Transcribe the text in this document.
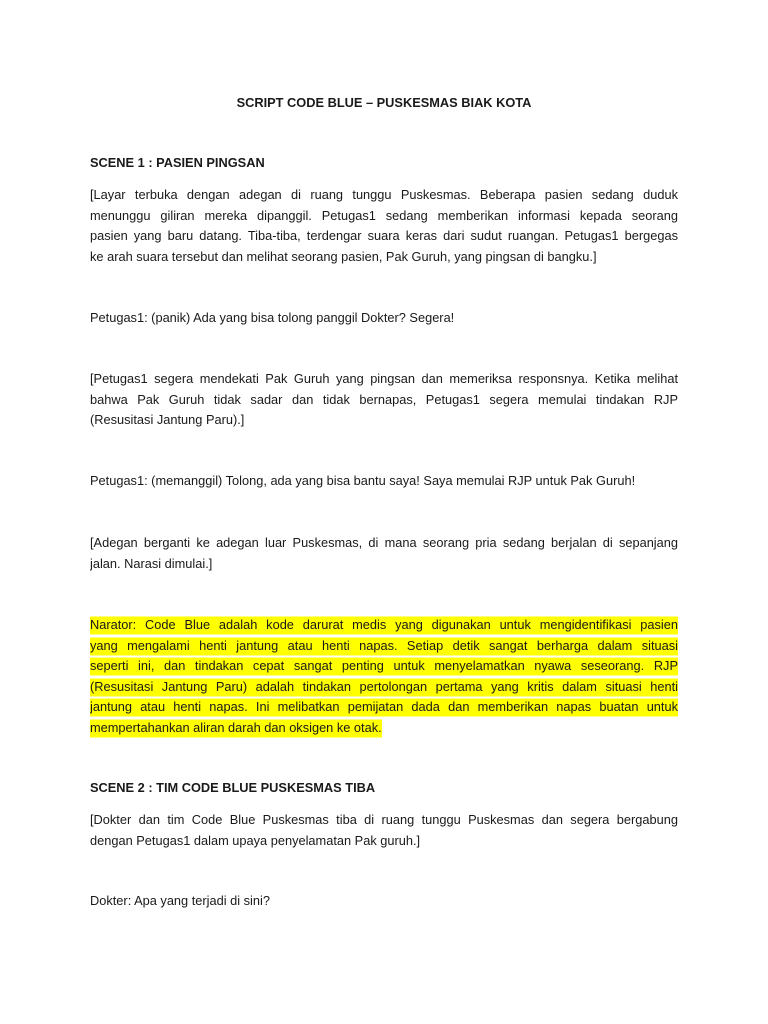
SCRIPT CODE BLUE – PUSKESMAS BIAK KOTA
SCENE 1 : PASIEN PINGSAN
[Layar terbuka dengan adegan di ruang tunggu Puskesmas. Beberapa pasien sedang duduk
menunggu giliran mereka dipanggil. Petugas1 sedang memberikan informasi kepada seorang
pasien yang baru datang. Tiba-tiba, terdengar suara keras dari sudut ruangan. Petugas1 bergegas
ke arah suara tersebut dan melihat seorang pasien, Pak Guruh, yang pingsan di bangku.]
Petugas1: (panik) Ada yang bisa tolong panggil Dokter? Segera!
[Petugas1 segera mendekati Pak Guruh yang pingsan dan memeriksa responsnya. Ketika melihat
bahwa Pak Guruh tidak sadar dan tidak bernapas, Petugas1 segera memulai tindakan RJP
(Resusitasi Jantung Paru).]
Petugas1: (memanggil) Tolong, ada yang bisa bantu saya! Saya memulai RJP untuk Pak Guruh!
[Adegan berganti ke adegan luar Puskesmas, di mana seorang pria sedang berjalan di sepanjang
jalan. Narasi dimulai.]
Narator: Code Blue adalah kode darurat medis yang digunakan untuk mengidentifikasi pasien
yang mengalami henti jantung atau henti napas. Setiap detik sangat berharga dalam situasi
seperti ini, dan tindakan cepat sangat penting untuk menyelamatkan nyawa seseorang. RJP
(Resusitasi Jantung Paru) adalah tindakan pertolongan pertama yang kritis dalam situasi henti
jantung atau henti napas. Ini melibatkan pemijatan dada dan memberikan napas buatan untuk
mempertahankan aliran darah dan oksigen ke otak.
SCENE 2 : TIM CODE BLUE PUSKESMAS TIBA
[Dokter dan tim Code Blue Puskesmas tiba di ruang tunggu Puskesmas dan segera bergabung
dengan Petugas1 dalam upaya penyelamatan Pak guruh.]
Dokter: Apa yang terjadi di sini?
